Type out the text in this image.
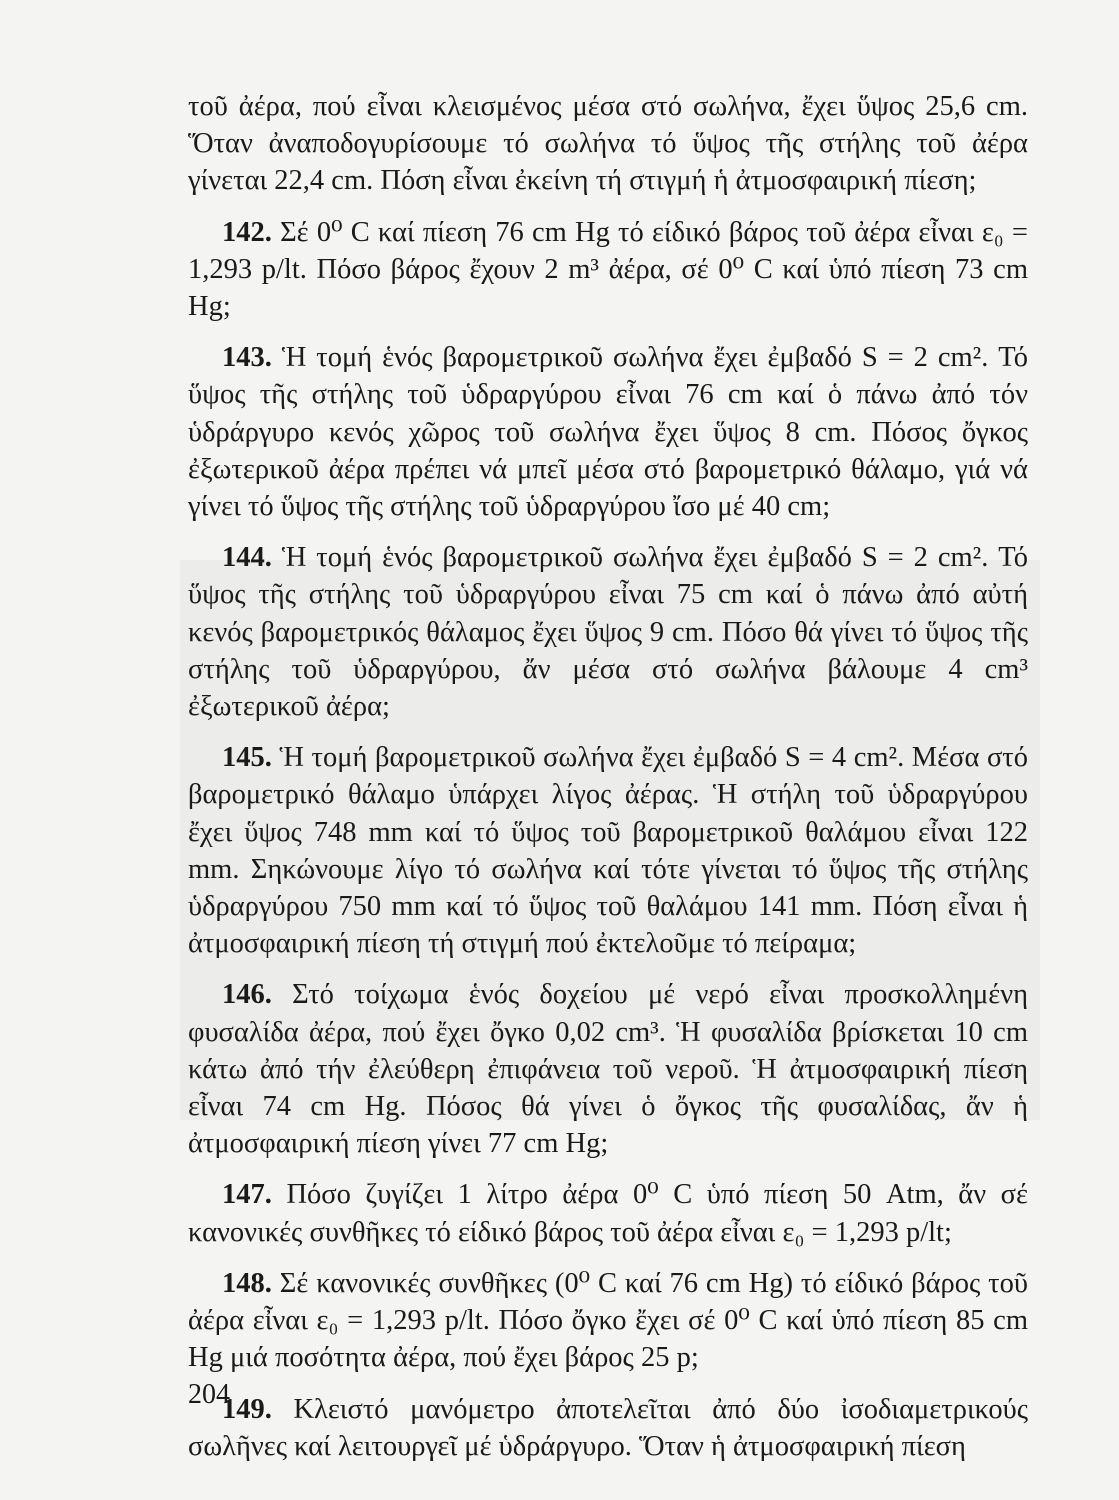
τοῦ ἀέρα, πού εἶναι κλεισμένος μέσα στό σωλήνα, ἔχει ὕψος 25,6 cm. Ὅταν ἀναποδογυρίσουμε τό σωλήνα τό ὕψος τῆς στήλης τοῦ ἀέρα γίνεται 22,4 cm. Πόση εἶναι ἐκείνη τή στιγμή ἡ ἀτμοσφαιρική πίεση;

142. Σέ 0⁰ C καί πίεση 76 cm Hg τό είδικό βάρος τοῦ ἀέρα εἶναι ε₀ = 1,293 p/lt. Πόσο βάρος ἔχουν 2 m³ ἀέρα, σέ 0⁰ C καί ὑπό πίεση 73 cm Hg;

143. Ἡ τομή ἑνός βαρομετρικοῦ σωλήνα ἔχει ἐμβαδό S = 2 cm². Τό ὕψος τῆς στήλης τοῦ ὑδραργύρου εἶναι 76 cm καί ὁ πάνω ἀπό τόν ὑδράργυρο κενός χῶρος τοῦ σωλήνα ἔχει ὕψος 8 cm. Πόσος ὄγκος ἐξωτερικοῦ ἀέρα πρέπει νά μπεῖ μέσα στό βαρομετρικό θάλαμο, γιά νά γίνει τό ὕψος τῆς στήλης τοῦ ὑδραργύρου ἴσο μέ 40 cm;

144. Ἡ τομή ἑνός βαρομετρικοῦ σωλήνα ἔχει ἐμβαδό S = 2 cm². Τό ὕψος τῆς στήλης τοῦ ὑδραργύρου εἶναι 75 cm καί ὁ πάνω ἀπό αὐτή κενός βαρομετρικός θάλαμος ἔχει ὕψος 9 cm. Πόσο θά γίνει τό ὕψος τῆς στήλης τοῦ ὑδραργύρου, ἄν μέσα στό σωλήνα βάλουμε 4 cm³ ἐξωτερικοῦ ἀέρα;

145. Ἡ τομή βαρομετρικοῦ σωλήνα ἔχει ἐμβαδό S = 4 cm². Μέσα στό βαρομετρικό θάλαμο ὑπάρχει λίγος ἀέρας. Ἡ στήλη τοῦ ὑδραργύρου ἔχει ὕψος 748 mm καί τό ὕψος τοῦ βαρομετρικοῦ θαλάμου εἶναι 122 mm. Σηκώνουμε λίγο τό σωλήνα καί τότε γίνεται τό ὕψος τῆς στήλης ὑδραργύρου 750 mm καί τό ὕψος τοῦ θαλάμου 141 mm. Πόση εἶναι ἡ ἀτμοσφαιρική πίεση τή στιγμή πού ἐκτελοῦμε τό πείραμα;

146. Στό τοίχωμα ἑνός δοχείου μέ νερό εἶναι προσκολλημένη φυσαλίδα ἀέρα, πού ἔχει ὄγκο 0,02 cm³. Ἡ φυσαλίδα βρίσκεται 10 cm κάτω ἀπό τήν ἐλεύθερη ἐπιφάνεια τοῦ νεροῦ. Ἡ ἀτμοσφαιρική πίεση εἶναι 74 cm Hg. Πόσος θά γίνει ὁ ὄγκος τῆς φυσαλίδας, ἄν ἡ ἀτμοσφαιρική πίεση γίνει 77 cm Hg;

147. Πόσο ζυγίζει 1 λίτρο ἀέρα 0⁰ C ὑπό πίεση 50 Atm, ἄν σέ κανονικές συνθῆκες τό είδικό βάρος τοῦ ἀέρα εἶναι ε₀ = 1,293 p/lt;

148. Σέ κανονικές συνθῆκες (0⁰ C καί 76 cm Hg) τό είδικό βάρος τοῦ ἀέρα εἶναι ε₀ = 1,293 p/lt. Πόσο ὄγκο ἔχει σέ 0⁰ C καί ὑπό πίεση 85 cm Hg μιά ποσότητα ἀέρα, πού ἔχει βάρος 25 p;

149. Κλειστό μανόμετρο ἀποτελεῖται ἀπό δύο ἰσοδιαμετρικούς σωλῆνες καί λειτουργεῖ μέ ὑδράργυρο. Ὅταν ἡ ἀτμοσφαιρική πίεση

204
